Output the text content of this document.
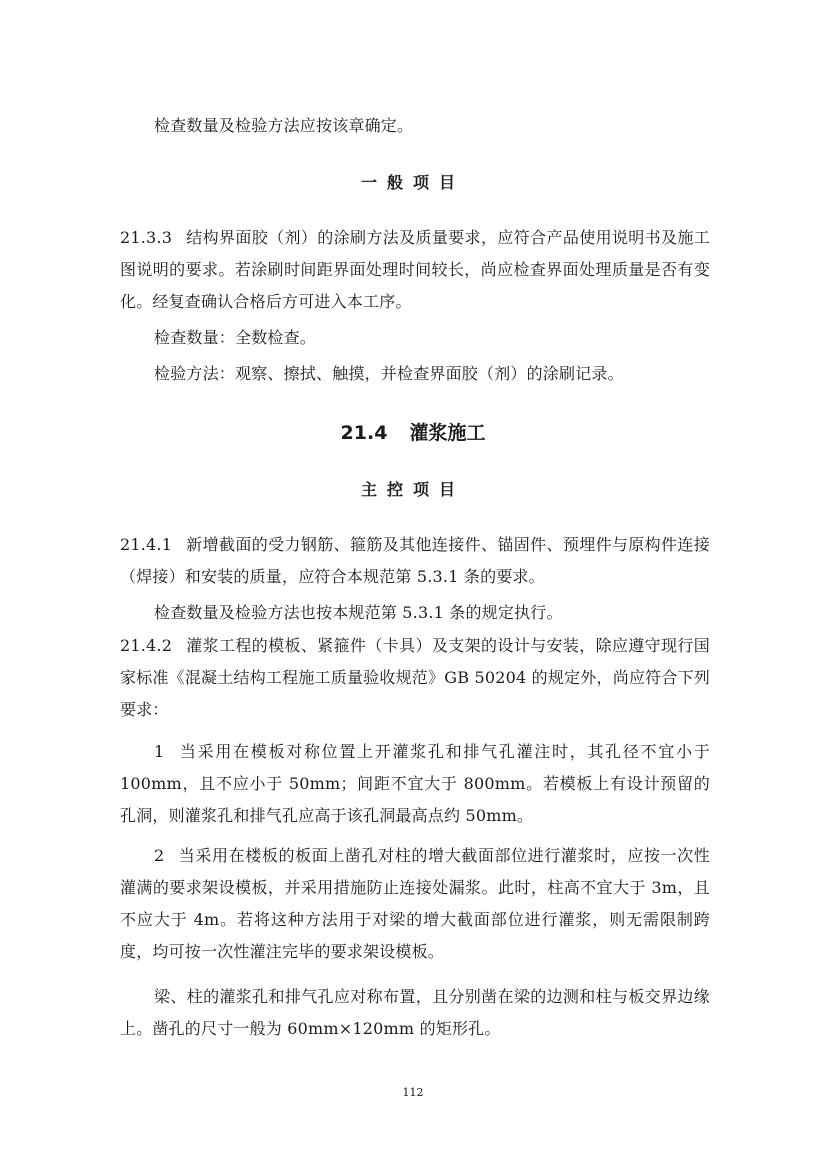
检查数量及检验方法应按该章确定。

一般项目

21.3.3 结构界面胶（剂）的涂刷方法及质量要求，应符合产品使用说明书及施工图说明的要求。若涂刷时间距界面处理时间较长，尚应检查界面处理质量是否有变化。经复查确认合格后方可进入本工序。

检查数量：全数检查。

检验方法：观察、擦拭、触摸，并检查界面胶（剂）的涂刷记录。

21.4 灌浆施工

主控项目

21.4.1 新增截面的受力钢筋、箍筋及其他连接件、锚固件、预埋件与原构件连接（焊接）和安装的质量，应符合本规范第 5.3.1 条的要求。

检查数量及检验方法也按本规范第 5.3.1 条的规定执行。

21.4.2 灌浆工程的模板、紧箍件（卡具）及支架的设计与安装，除应遵守现行国家标准《混凝土结构工程施工质量验收规范》GB 50204 的规定外，尚应符合下列要求：
1 当采用在模板对称位置上开灌浆孔和排气孔灌注时，其孔径不宜小于 100mm，且不应小于 50mm；间距不宜大于 800mm。若模板上有设计预留的孔洞，则灌浆孔和排气孔应高于该孔洞最高点约 50mm。
2 当采用在楼板的板面上凿孔对柱的增大截面部位进行灌浆时，应按一次性灌满的要求架设模板，并采用措施防止连接处漏浆。此时，柱高不宜大于 3m，且不应大于 4m。若将这种方法用于对梁的增大截面部位进行灌浆，则无需限制跨度，均可按一次性灌注完毕的要求架设模板。

梁、柱的灌浆孔和排气孔应对称布置，且分别凿在梁的边测和柱与板交界边缘上。凿孔的尺寸一般为 60mm×120mm 的矩形孔。

112
